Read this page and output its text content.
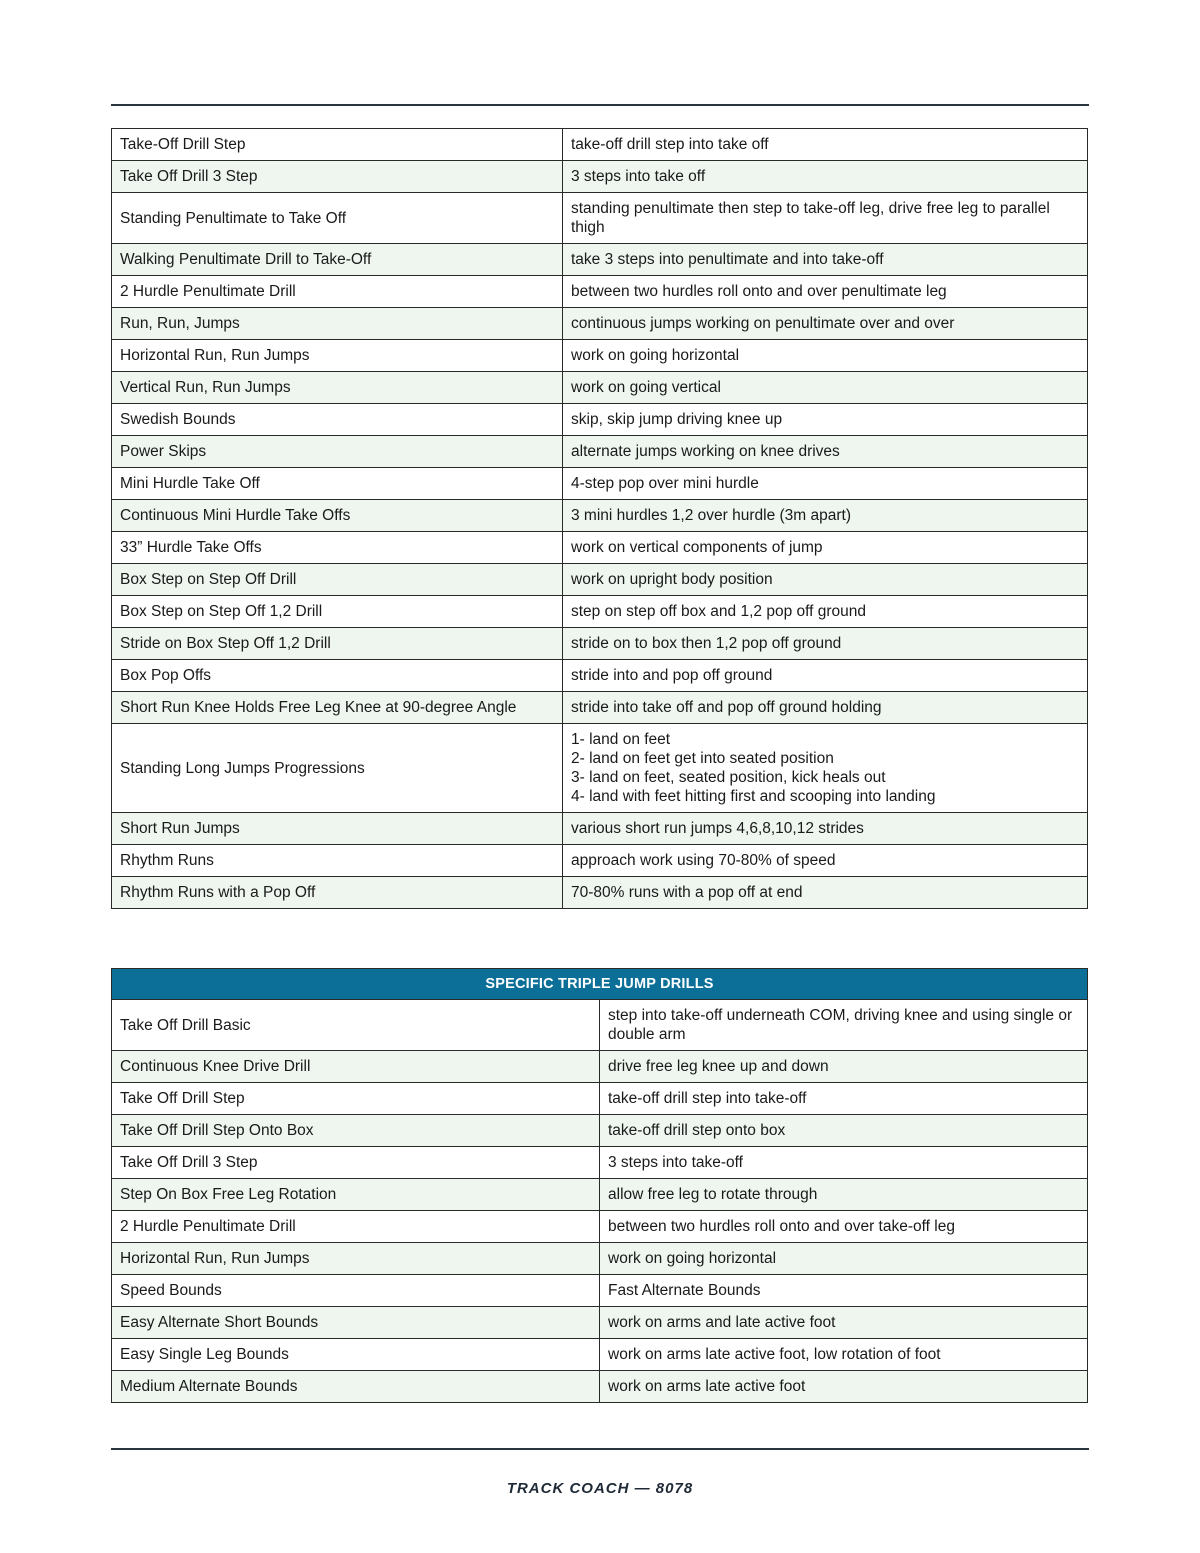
Take-Off Drill Step	take-off drill step into take off
Take Off Drill 3 Step	3 steps into take off
Standing Penultimate to Take Off	standing penultimate then step to take-off leg, drive free leg to parallel thigh
Walking Penultimate Drill to Take-Off	take 3 steps into penultimate and into take-off
2 Hurdle Penultimate Drill	between two hurdles roll onto and over penultimate leg
Run, Run, Jumps	continuous jumps working on penultimate over and over
Horizontal Run, Run Jumps	work on going horizontal
Vertical Run, Run Jumps	work on going vertical
Swedish Bounds	skip, skip jump driving knee up
Power Skips	alternate jumps working on knee drives
Mini Hurdle Take Off	4-step pop over mini hurdle
Continuous Mini Hurdle Take Offs	3 mini hurdles 1,2 over hurdle (3m apart)
33” Hurdle Take Offs	work on vertical components of jump
Box Step on Step Off Drill	work on upright body position
Box Step on Step Off 1,2 Drill	step on step off box and 1,2 pop off ground
Stride on Box Step Off 1,2 Drill	stride on to box then 1,2 pop off ground
Box Pop Offs	stride into and pop off ground
Short Run Knee Holds Free Leg Knee at 90-degree Angle	stride into take off and pop off ground holding
Standing Long Jumps Progressions	1- land on feet
2- land on feet get into seated position
3- land on feet, seated position, kick heals out
4- land with feet hitting first and scooping into landing
Short Run Jumps	various short run jumps 4,6,8,10,12 strides
Rhythm Runs	approach work using 70-80% of speed
Rhythm Runs with a Pop Off	70-80% runs with a pop off at end
SPECIFIC TRIPLE JUMP DRILLS	
Take Off Drill Basic	step into take-off underneath COM, driving knee and using single or double arm
Continuous Knee Drive Drill	drive free leg knee up and down
Take Off Drill Step	take-off drill step into take-off
Take Off Drill Step Onto Box	take-off drill step onto box
Take Off Drill 3 Step	3 steps into take-off
Step On Box Free Leg Rotation	allow free leg to rotate through
2 Hurdle Penultimate Drill	between two hurdles roll onto and over take-off leg
Horizontal Run, Run Jumps	work on going horizontal
Speed Bounds	Fast Alternate Bounds
Easy Alternate Short Bounds	work on arms and late active foot
Easy Single Leg Bounds	work on arms late active foot, low rotation of foot
Medium Alternate Bounds	work on arms late active foot
TRACK COACH — 8078
